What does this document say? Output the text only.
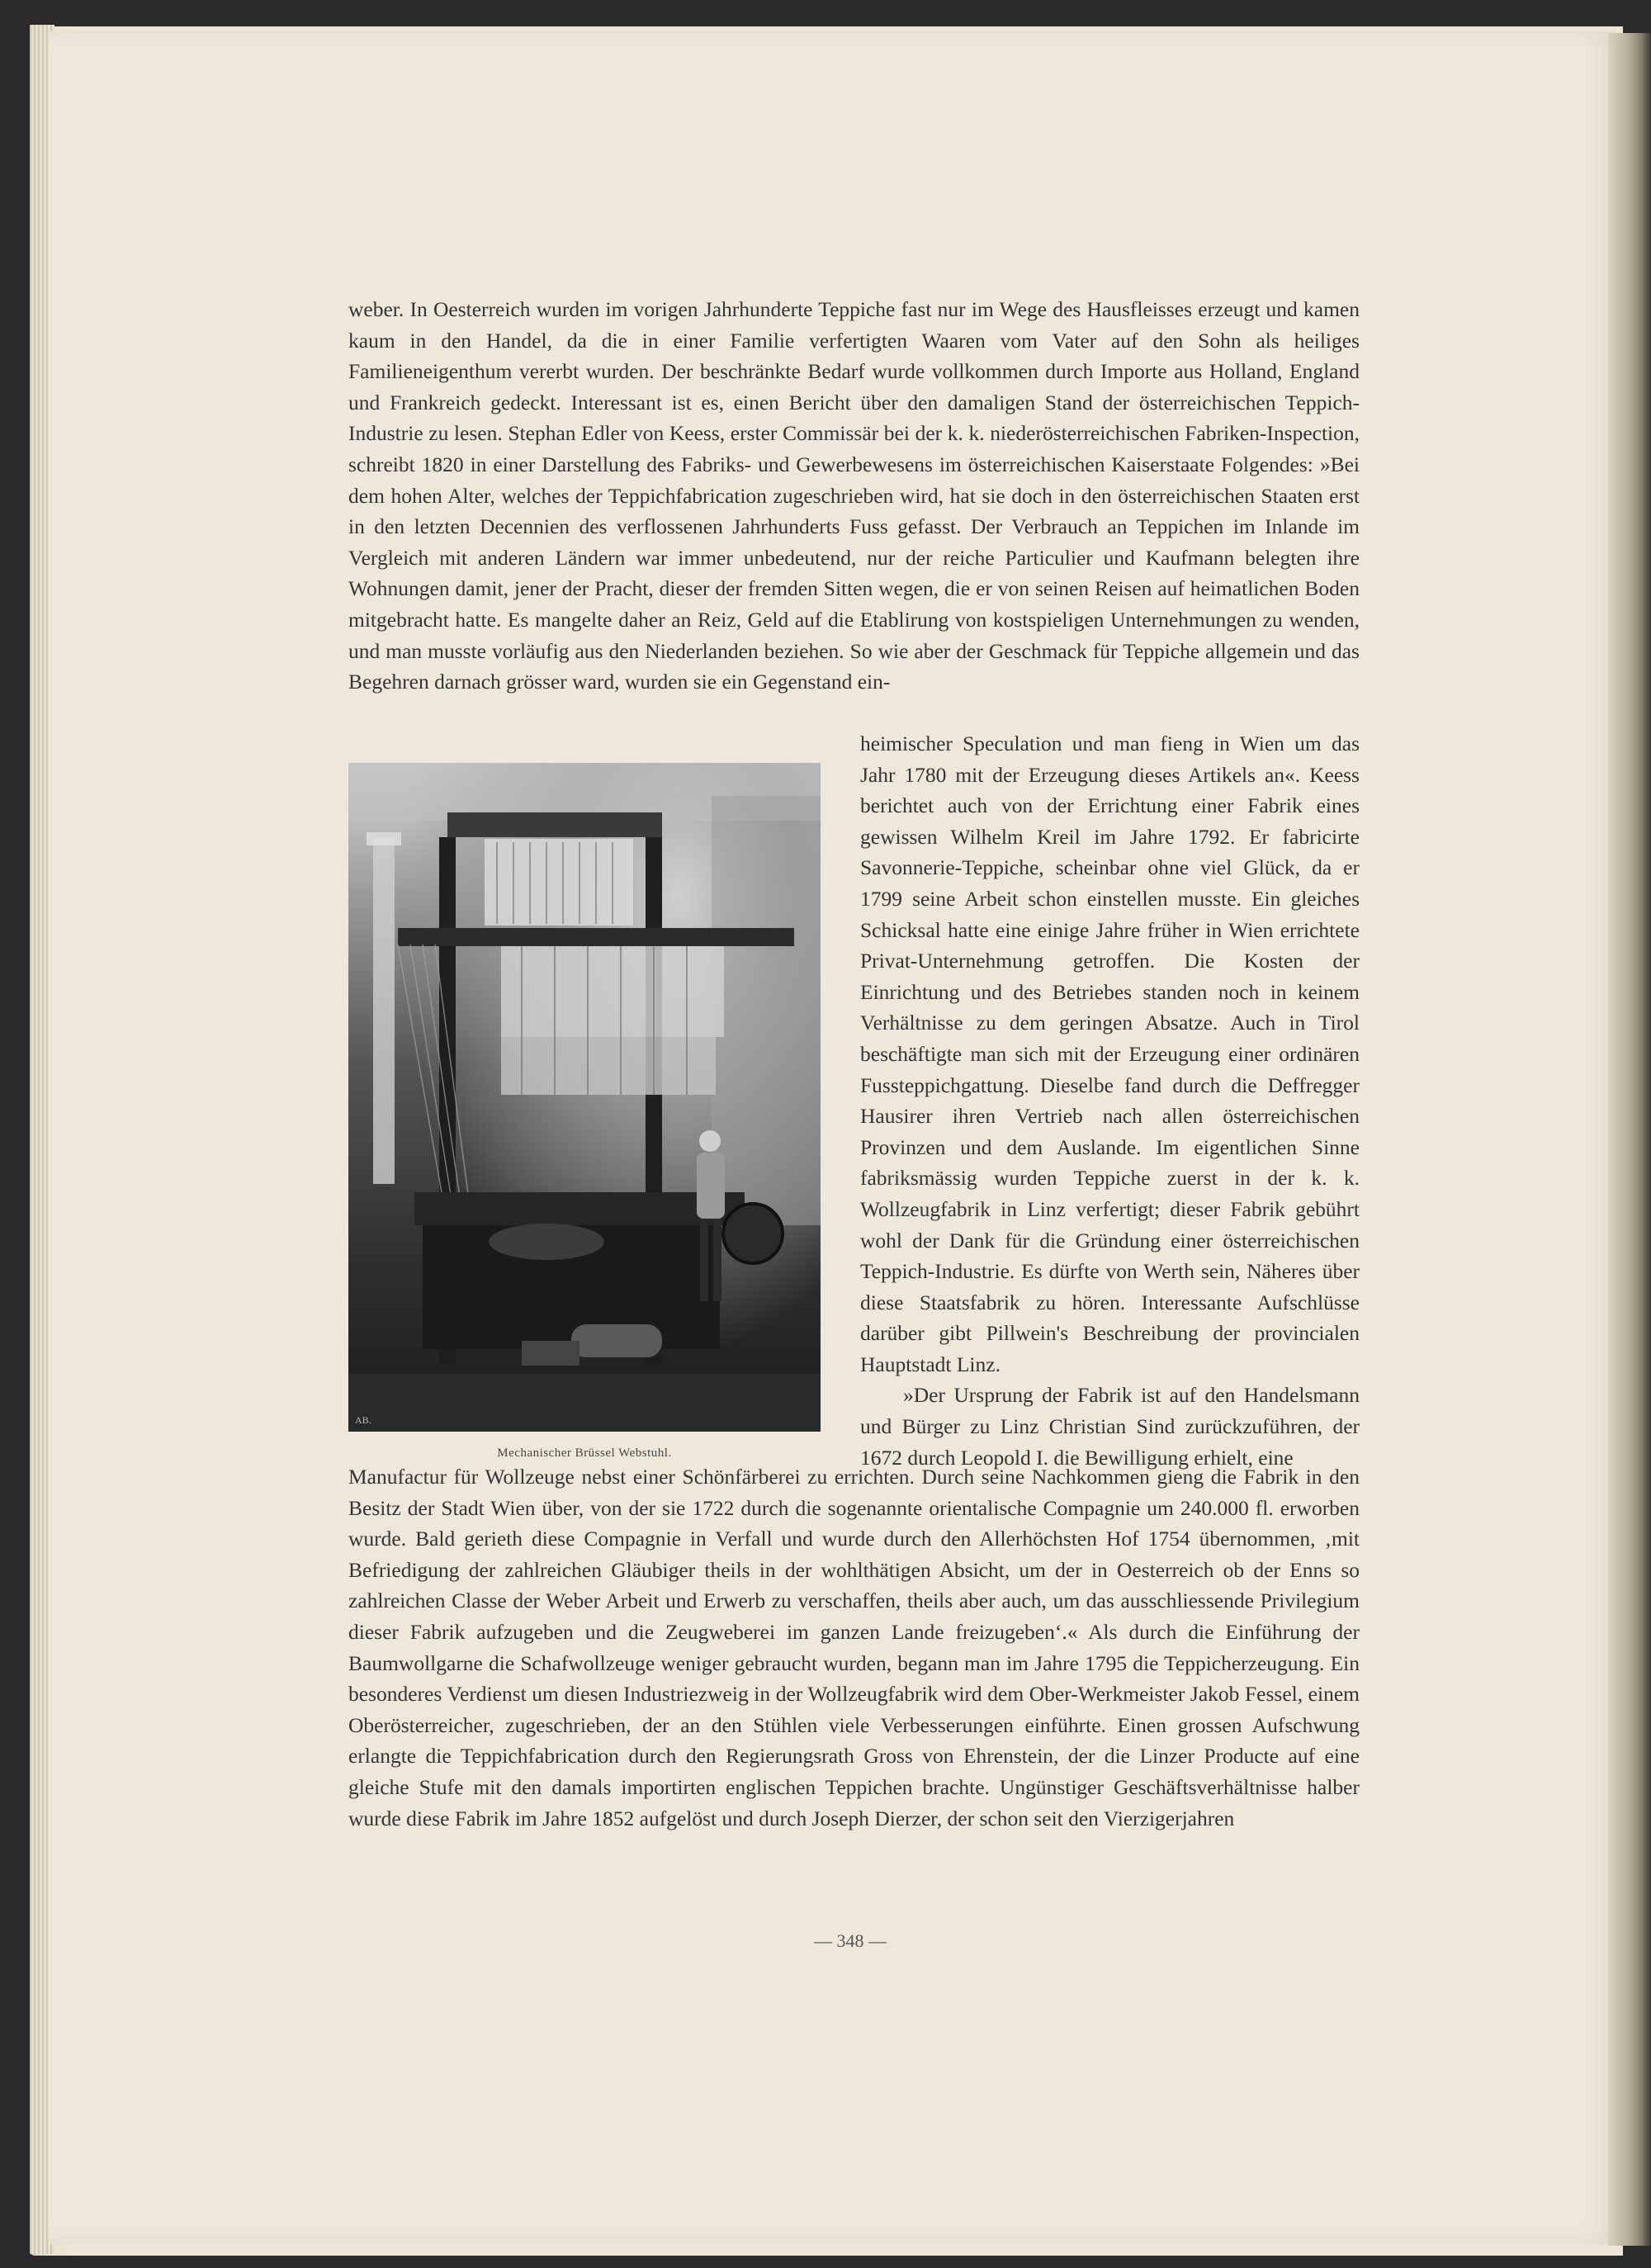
weber. In Oesterreich wurden im vorigen Jahrhunderte Teppiche fast nur im Wege des Hausfleisses erzeugt und kamen kaum in den Handel, da die in einer Familie verfertigten Waaren vom Vater auf den Sohn als heiliges Familieneigenthum vererbt wurden. Der beschränkte Bedarf wurde vollkommen durch Importe aus Holland, England und Frankreich gedeckt. Interessant ist es, einen Bericht über den damaligen Stand der österreichischen Teppich-Industrie zu lesen. Stephan Edler von Keess, erster Commissär bei der k. k. niederösterreichischen Fabriken-Inspection, schreibt 1820 in einer Darstellung des Fabriks- und Gewerbewesens im österreichischen Kaiserstaate Folgendes: »Bei dem hohen Alter, welches der Teppichfabrication zugeschrieben wird, hat sie doch in den österreichischen Staaten erst in den letzten Decennien des verflossenen Jahrhunderts Fuss gefasst. Der Verbrauch an Teppichen im Inlande im Vergleich mit anderen Ländern war immer unbedeutend, nur der reiche Particulier und Kaufmann belegten ihre Wohnungen damit, jener der Pracht, dieser der fremden Sitten wegen, die er von seinen Reisen auf heimatlichen Boden mitgebracht hatte. Es mangelte daher an Reiz, Geld auf die Etablirung von kostspieligen Unternehmungen zu wenden, und man musste vorläufig aus den Niederlanden beziehen. So wie aber der Geschmack für Teppiche allgemein und das Begehren darnach grösser ward, wurden sie ein Gegenstand ein-

AB.
Mechanischer Brüssel Webstuhl.

heimischer Speculation und man fieng in Wien um das Jahr 1780 mit der Erzeugung dieses Artikels an«. Keess berichtet auch von der Errichtung einer Fabrik eines gewissen Wilhelm Kreil im Jahre 1792. Er fabricirte Savonnerie-Teppiche, scheinbar ohne viel Glück, da er 1799 seine Arbeit schon einstellen musste. Ein gleiches Schicksal hatte eine einige Jahre früher in Wien errichtete Privat-Unternehmung getroffen. Die Kosten der Einrichtung und des Betriebes standen noch in keinem Verhältnisse zu dem geringen Absatze. Auch in Tirol beschäftigte man sich mit der Erzeugung einer ordinären Fussteppichgattung. Dieselbe fand durch die Deffregger Hausirer ihren Vertrieb nach allen österreichischen Provinzen und dem Auslande. Im eigentlichen Sinne fabriksmässig wurden Teppiche zuerst in der k. k. Wollzeugfabrik in Linz verfertigt; dieser Fabrik gebührt wohl der Dank für die Gründung einer österreichischen Teppich-Industrie. Es dürfte von Werth sein, Näheres über diese Staatsfabrik zu hören. Interessante Aufschlüsse darüber gibt Pillwein's Beschreibung der provincialen Hauptstadt Linz.

»Der Ursprung der Fabrik ist auf den Handelsmann und Bürger zu Linz Christian Sind zurückzuführen, der 1672 durch Leopold I. die Bewilligung erhielt, eine

Manufactur für Wollzeuge nebst einer Schönfärberei zu errichten. Durch seine Nachkommen gieng die Fabrik in den Besitz der Stadt Wien über, von der sie 1722 durch die sogenannte orientalische Compagnie um 240.000 fl. erworben wurde. Bald gerieth diese Compagnie in Verfall und wurde durch den Allerhöchsten Hof 1754 übernommen, ‚mit Befriedigung der zahlreichen Gläubiger theils in der wohlthätigen Absicht, um der in Oesterreich ob der Enns so zahlreichen Classe der Weber Arbeit und Erwerb zu verschaffen, theils aber auch, um das ausschliessende Privilegium dieser Fabrik aufzugeben und die Zeugweberei im ganzen Lande freizugeben‘.« Als durch die Einführung der Baumwollgarne die Schafwollzeuge weniger gebraucht wurden, begann man im Jahre 1795 die Teppicherzeugung. Ein besonderes Verdienst um diesen Industriezweig in der Wollzeugfabrik wird dem Ober-Werkmeister Jakob Fessel, einem Oberösterreicher, zugeschrieben, der an den Stühlen viele Verbesserungen einführte. Einen grossen Aufschwung erlangte die Teppichfabrication durch den Regierungsrath Gross von Ehrenstein, der die Linzer Producte auf eine gleiche Stufe mit den damals importirten englischen Teppichen brachte. Ungünstiger Geschäftsverhältnisse halber wurde diese Fabrik im Jahre 1852 aufgelöst und durch Joseph Dierzer, der schon seit den Vierzigerjahren

— 348 —
